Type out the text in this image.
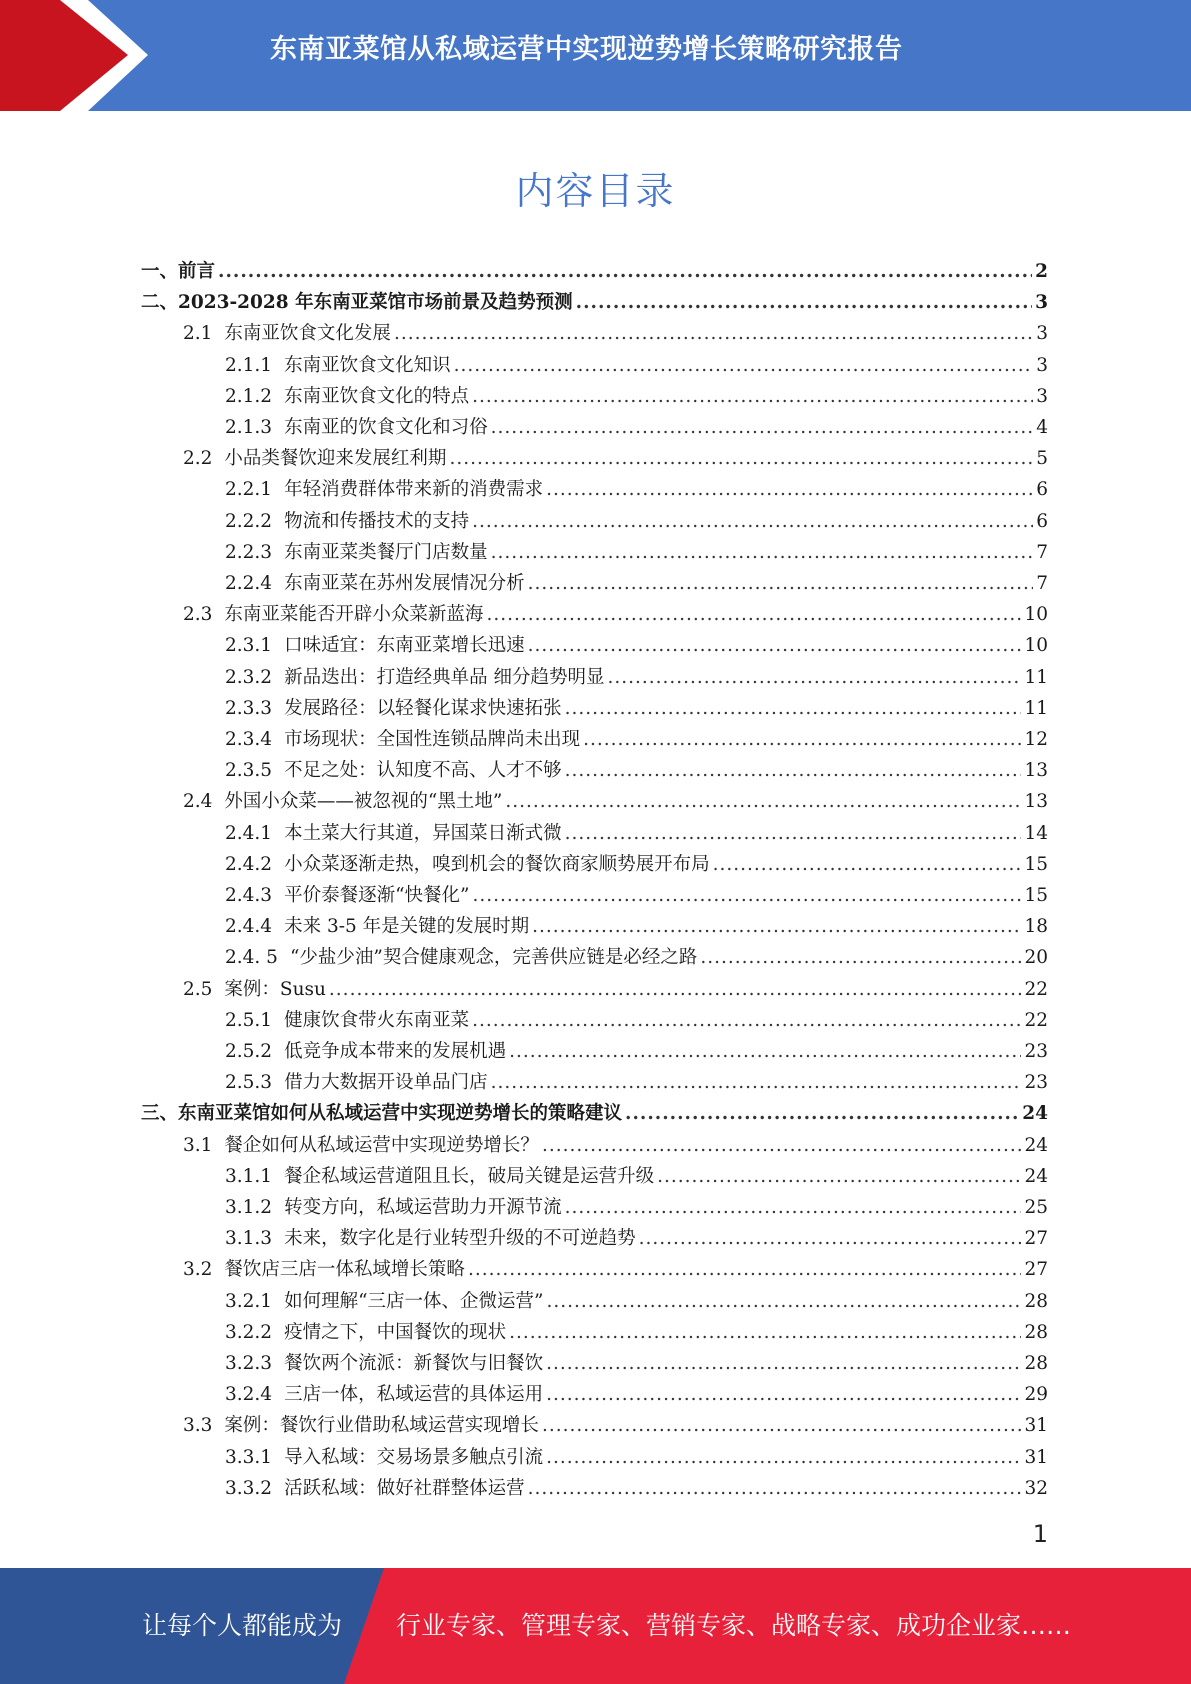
东南亚菜馆从私域运营中实现逆势增长策略研究报告
内容目录
一、 前言 .....	2
二、 2023-2028 年东南亚菜馆市场前景及趋势预测 .....	3
2.1 东南亚饮食文化发展 .....	3
2.1.1 东南亚饮食文化知识 .....	3
2.1.2 东南亚饮食文化的特点 .....	3
2.1.3 东南亚的饮食文化和习俗 .....	4
2.2 小品类餐饮迎来发展红利期 .....	5
2.2.1 年轻消费群体带来新的消费需求 .....	6
2.2.2 物流和传播技术的支持 .....	6
2.2.3 东南亚菜类餐厅门店数量 .....	7
2.2.4 东南亚菜在苏州发展情况分析 .....	7
2.3 东南亚菜能否开辟小众菜新蓝海 .....	10
2.3.1 口味适宜：东南亚菜增长迅速 .....	10
2.3.2 新品迭出：打造经典单品 细分趋势明显 .....	11
2.3.3 发展路径：以轻餐化谋求快速拓张 .....	11
2.3.4 市场现状：全国性连锁品牌尚未出现 .....	12
2.3.5 不足之处：认知度不高、人才不够 .....	13
2.4 外国小众菜——被忽视的“黑土地” .....	13
2.4.1 本土菜大行其道，异国菜日渐式微 .....	14
2.4.2 小众菜逐渐走热，嗅到机会的餐饮商家顺势展开布局 .....	15
2.4.3 平价泰餐逐渐“快餐化” .....	15
2.4.4 未来 3-5 年是关键的发展时期 .....	18
2.4. 5 “少盐少油”契合健康观念，完善供应链是必经之路 .....	20
2.5 案例：Susu .....	22
2.5.1 健康饮食带火东南亚菜 .....	22
2.5.2 低竞争成本带来的发展机遇 .....	23
2.5.3 借力大数据开设单品门店 .....	23
三、 东南亚菜馆如何从私域运营中实现逆势增长的策略建议 .....	24
3.1 餐企如何从私域运营中实现逆势增长？ .....	24
3.1.1 餐企私域运营道阻且长，破局关键是运营升级 .....	24
3.1.2 转变方向，私域运营助力开源节流 .....	25
3.1.3 未来，数字化是行业转型升级的不可逆趋势 .....	27
3.2 餐饮店三店一体私域增长策略 .....	27
3.2.1 如何理解“三店一体、企微运营” .....	28
3.2.2 疫情之下，中国餐饮的现状 .....	28
3.2.3 餐饮两个流派：新餐饮与旧餐饮 .....	28
3.2.4 三店一体，私域运营的具体运用 .....	29
3.3 案例：餐饮行业借助私域运营实现增长 .....	31
3.3.1 导入私域：交易场景多触点引流 .....	31
3.3.2 活跃私域：做好社群整体运营 .....	32
1
让每个人都能成为 行业专家、管理专家、营销专家、战略专家、成功企业家……
